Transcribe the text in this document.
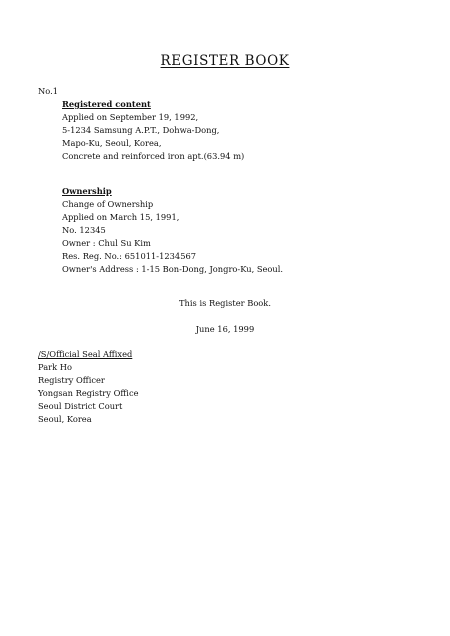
REGISTER BOOK
No.1
Registered content
Applied on September 19, 1992,
5-1234 Samsung A.P.T., Dohwa-Dong,
Mapo-Ku, Seoul, Korea,
Concrete and reinforced iron apt.(63.94 m)
Ownership
Change of Ownership
Applied on March 15, 1991,
No. 12345
Owner : Chul Su Kim
Res. Reg. No.: 651011-1234567
Owner's Address : 1-15 Bon-Dong, Jongro-Ku, Seoul.
This is Register Book.
June 16, 1999
/S/Official Seal Affixed
Park Ho
Registry Officer
Yongsan Registry Office
Seoul District Court
Seoul, Korea
